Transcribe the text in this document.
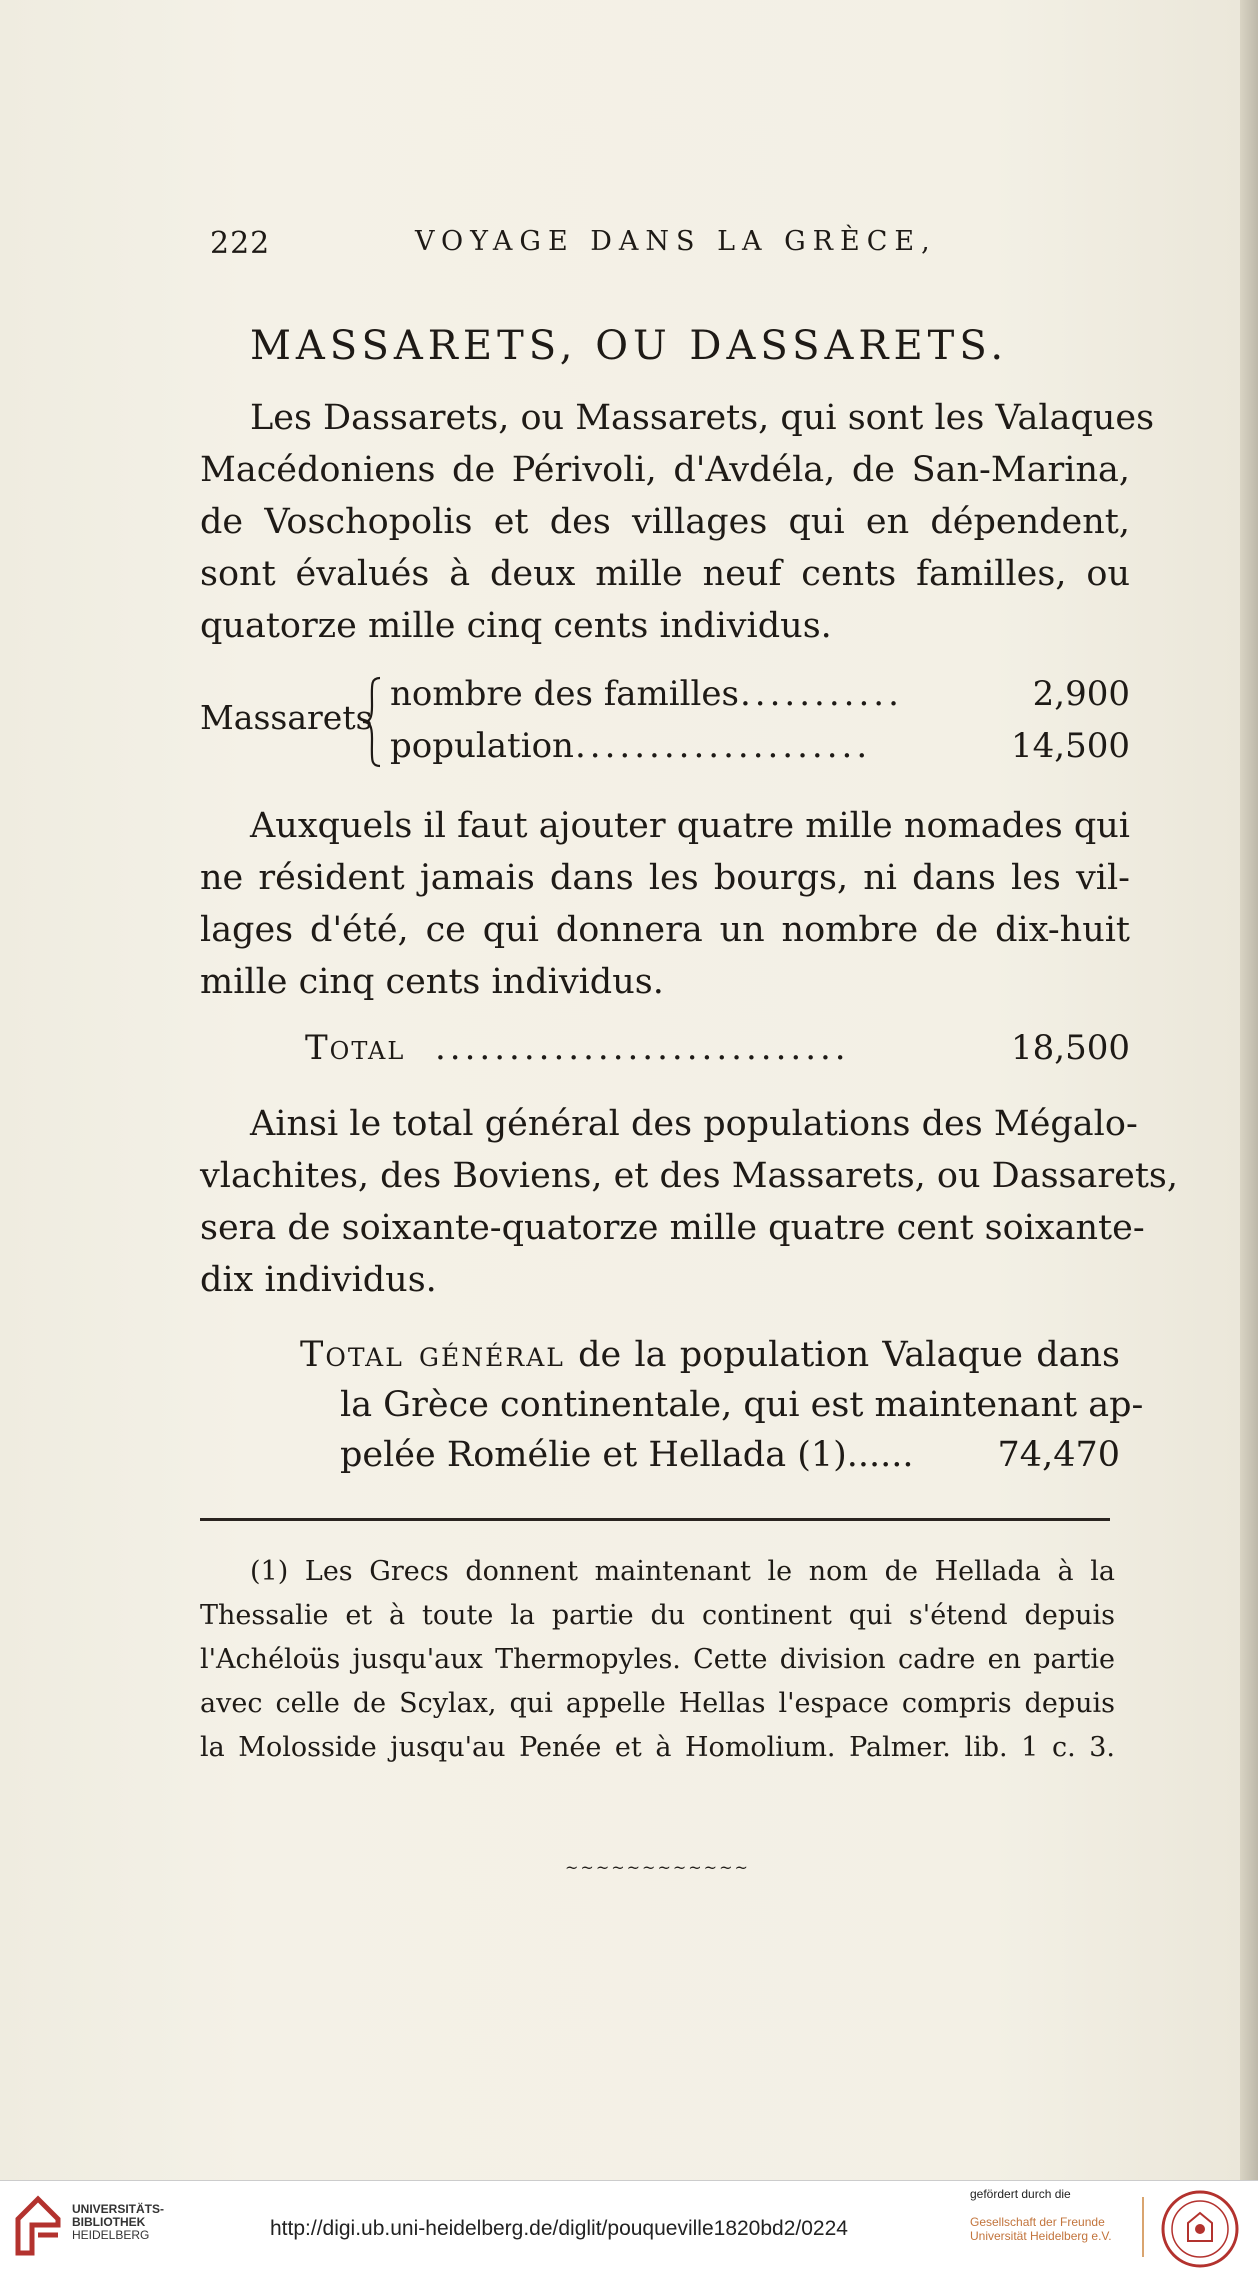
222	VOYAGE DANS LA GRÈCE,
MASSARETS, OU DASSARETS.

Les Dassarets, ou Massarets, qui sont les Valaques
Macédoniens de Périvoli, d'Avdéla, de San-Marina,
de Voschopolis et des villages qui en dépendent,
sont évalués à deux mille neuf cents familles, ou
quatorze mille cinq cents individus.

Massarets
nombre des familles ...........	2,900
population ....................	14,500

Auxquels il faut ajouter quatre mille nomades qui
ne résident jamais dans les bourgs, ni dans les vil-
lages d'été, ce qui donnera un nombre de dix-huit
mille cinq cents individus.

Total ............................	18,500

Ainsi le total général des populations des Mégalo-
vlachites, des Boviens, et des Massarets, ou Dassarets,
sera de soixante-quatorze mille quatre cent soixante-
dix individus.

Total général de la population Valaque dans
la Grèce continentale, qui est maintenant ap-
pelée Romélie et Hellada (1)...... 74,470

(1) Les Grecs donnent maintenant le nom de Hellada à la
Thessalie et à toute la partie du continent qui s'étend depuis
l'Achéloüs jusqu'aux Thermopyles. Cette division cadre en partie
avec celle de Scylax, qui appelle Hellas l'espace compris depuis
la Molosside jusqu'au Penée et à Homolium. Palmer. lib. 1 c. 3.

~~~~~~~~~~~~
UNIVERSITÄTS-
BIBLIOTHEK
HEIDELBERG	http://digi.ub.uni-heidelberg.de/diglit/pouqueville1820bd2/0224
gefördert durch die
Gesellschaft der Freunde
Universität Heidelberg e.V.
